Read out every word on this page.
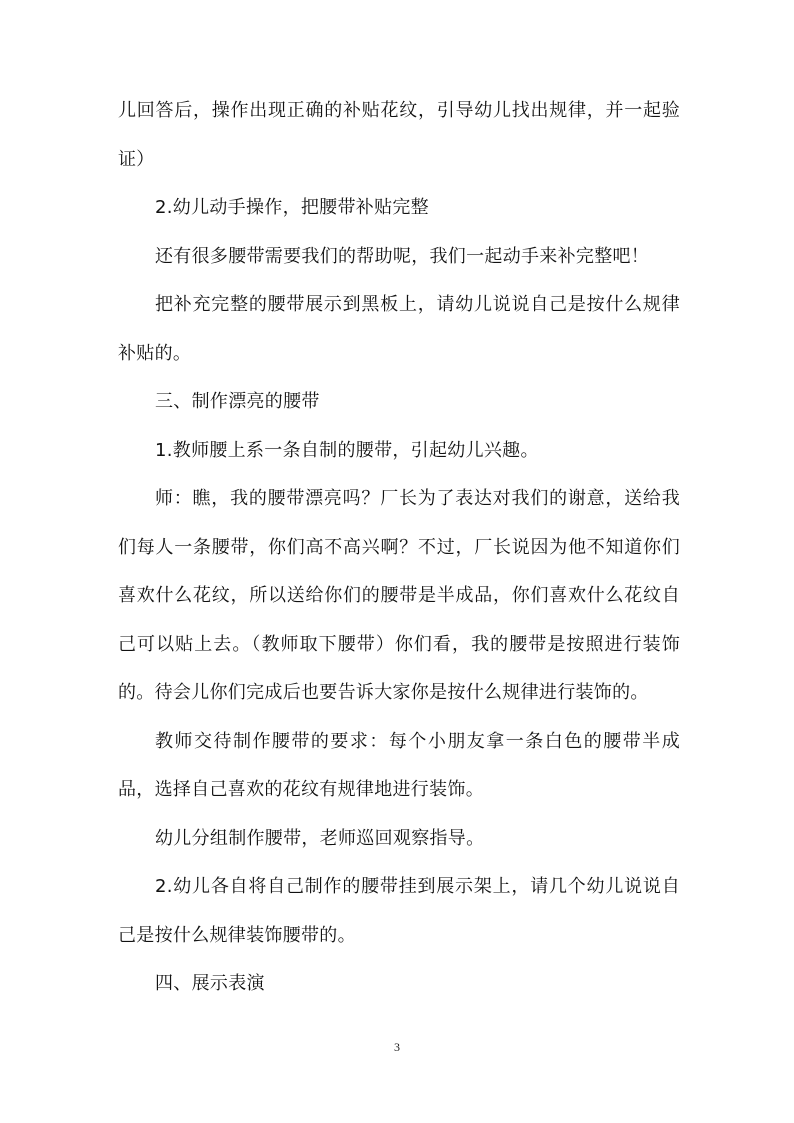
儿回答后，操作出现正确的补贴花纹，引导幼儿找出规律，并一起验证）

2.幼儿动手操作，把腰带补贴完整

还有很多腰带需要我们的帮助呢，我们一起动手来补完整吧！

把补充完整的腰带展示到黑板上，请幼儿说说自己是按什么规律补贴的。

三、制作漂亮的腰带

1.教师腰上系一条自制的腰带，引起幼儿兴趣。

师：瞧，我的腰带漂亮吗？厂长为了表达对我们的谢意，送给我们每人一条腰带，你们高不高兴啊？不过，厂长说因为他不知道你们喜欢什么花纹，所以送给你们的腰带是半成品，你们喜欢什么花纹自己可以贴上去。（教师取下腰带）你们看，我的腰带是按照进行装饰的。待会儿你们完成后也要告诉大家你是按什么规律进行装饰的。

教师交待制作腰带的要求：每个小朋友拿一条白色的腰带半成品，选择自己喜欢的花纹有规律地进行装饰。

幼儿分组制作腰带，老师巡回观察指导。

2.幼儿各自将自己制作的腰带挂到展示架上，请几个幼儿说说自己是按什么规律装饰腰带的。

四、展示表演

3
